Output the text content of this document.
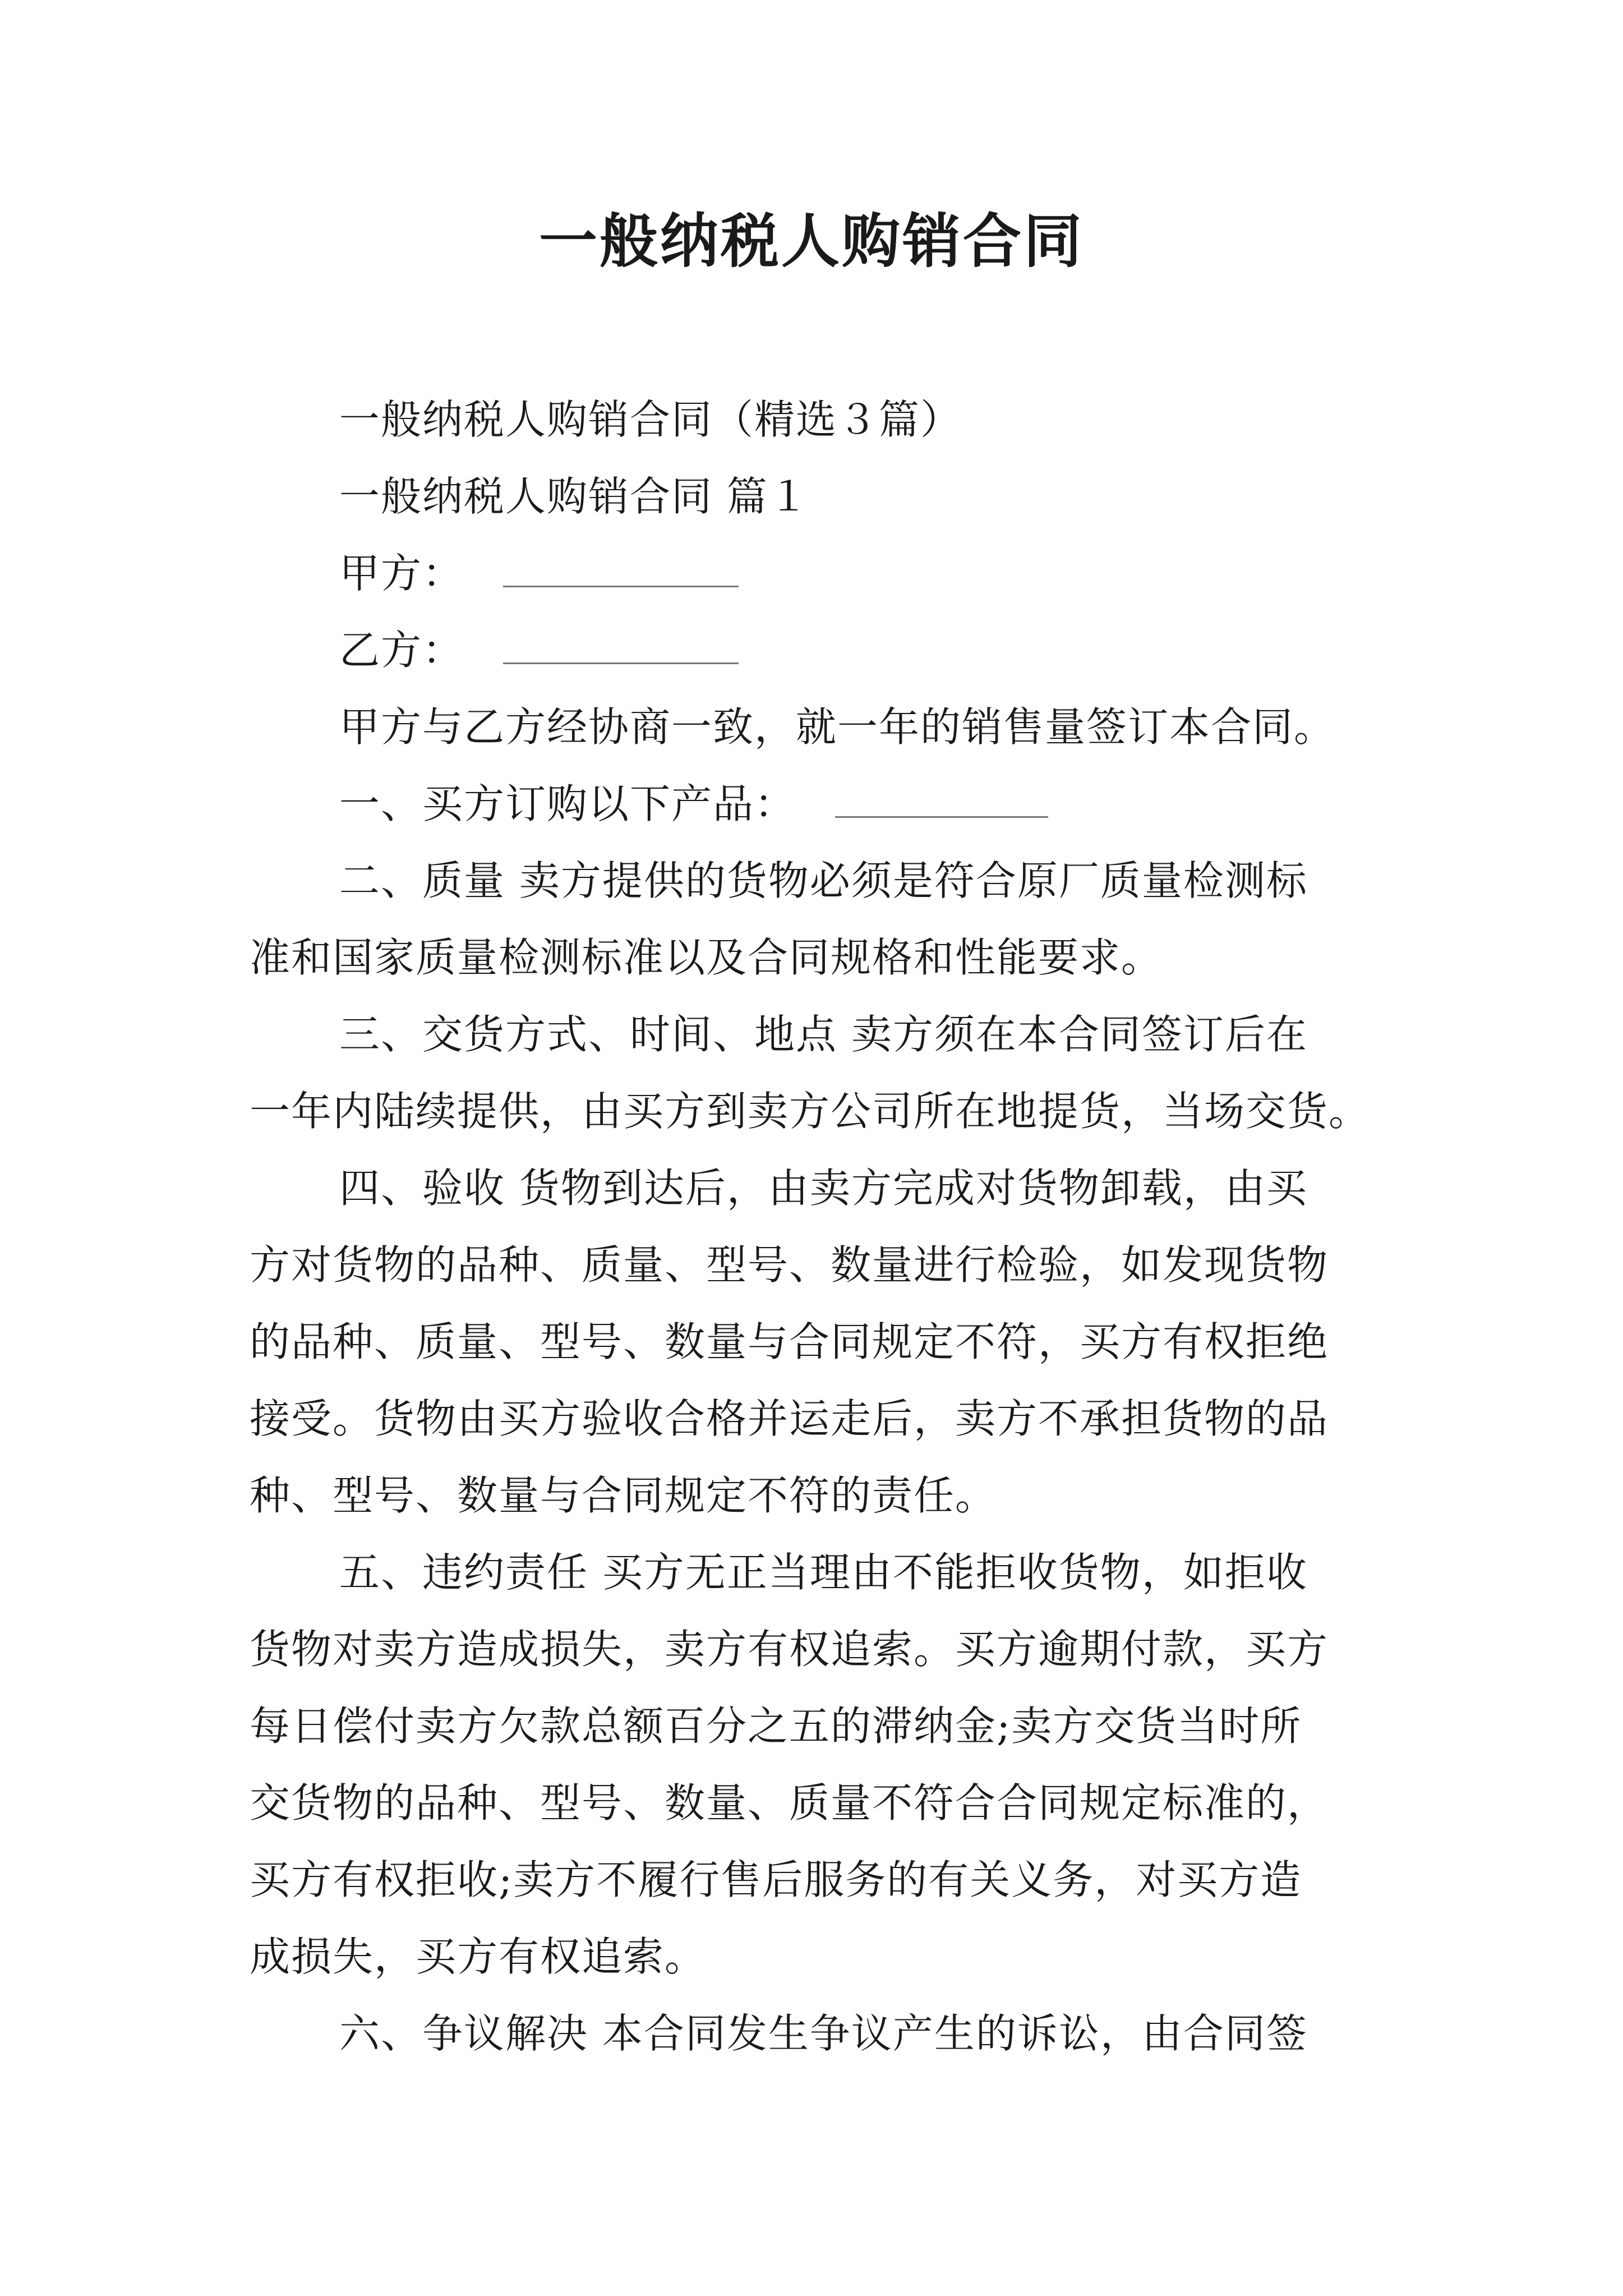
一般纳税人购销合同

一般纳税人购销合同（精选３篇）

一般纳税人购销合同 篇１

甲方：

乙方：

甲方与乙方经协商一致，就一年的销售量签订本合同。

一、买方订购以下产品：

二、质量 卖方提供的货物必须是符合原厂质量检测标

准和国家质量检测标准以及合同规格和性能要求。

三、交货方式、时间、地点 卖方须在本合同签订后在

一年内陆续提供，由买方到卖方公司所在地提货，当场交货。

四、验收 货物到达后，由卖方完成对货物卸载，由买

方对货物的品种、质量、型号、数量进行检验，如发现货物

的品种、质量、型号、数量与合同规定不符，买方有权拒绝

接受。货物由买方验收合格并运走后，卖方不承担货物的品

种、型号、数量与合同规定不符的责任。

五、违约责任 买方无正当理由不能拒收货物，如拒收

货物对卖方造成损失，卖方有权追索。买方逾期付款，买方

每日偿付卖方欠款总额百分之五的滞纳金;卖方交货当时所

交货物的品种、型号、数量、质量不符合合同规定标准的，

买方有权拒收;卖方不履行售后服务的有关义务，对买方造

成损失，买方有权追索。

六、争议解决 本合同发生争议产生的诉讼，由合同签
